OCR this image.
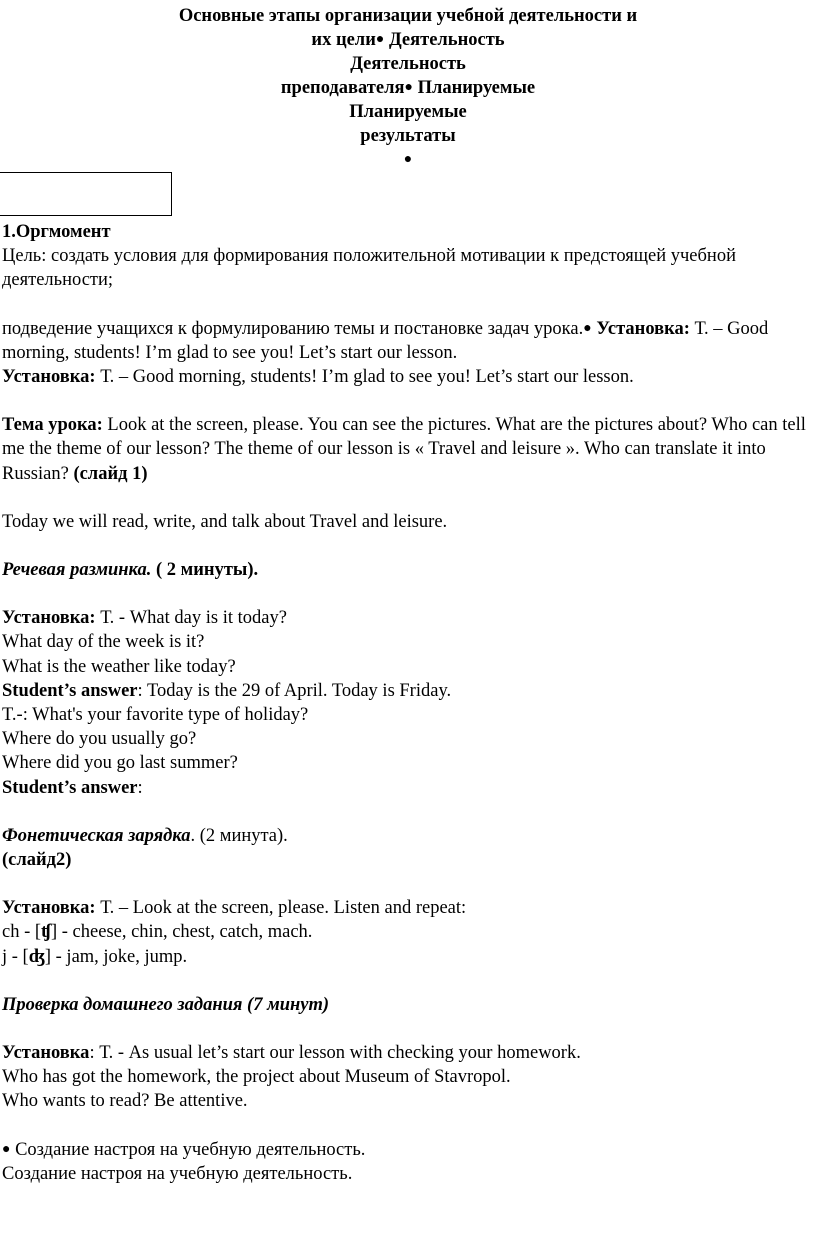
Основные этапы организации учебной деятельности и
их цели● Деятельность
Деятельность
преподавателя● Планируемые
Планируемые
результаты
●

1.Оргмомент

Цель: создать условия для формирования положительной мотивации к предстоящей учебной деятельности;

подведение учащихся к формулированию темы и постановке задач урока.● Установка: Т. – Good morning, students! I’m glad to see you! Let’s start our lesson.

Установка: Т. – Good morning, students! I’m glad to see you! Let’s start our lesson.

Тема урока: Look at the screen, please. You can see the pictures. What are the pictures about? Who can tell me the theme of our lesson? The theme of our lesson is « Travel and leisure ». Who can translate it into Russian? (слайд 1)

Today we will read, write, and talk about Travel and leisure.

Речевая разминка. ( 2 минуты).

Установка: Т. - What day is it today?

What day of the week is it?

What is the weather like today?

Student’s answer: Today is the 29 of April. Today is Friday.

T.-: What's your favorite type of holiday?

Where do you usually go?

Where did you go last summer?

Student’s answer:

Фонетическая зарядка. (2 минута).

(слайд2)

Установка: Т. – Look at the screen, please. Listen and repeat:

ch - [ʧ] - cheese, chin, chest, catch, mach.

j - [ʤ] - jam, joke, jump.

Проверка домашнего задания (7 минут)

Установка: Т. - As usual let’s start our lesson with checking your homework.

Who has got the homework, the project about Museum of Stavropol.

Who wants to read? Be attentive.

● Создание настроя на учебную деятельность.

Создание настроя на учебную деятельность.
